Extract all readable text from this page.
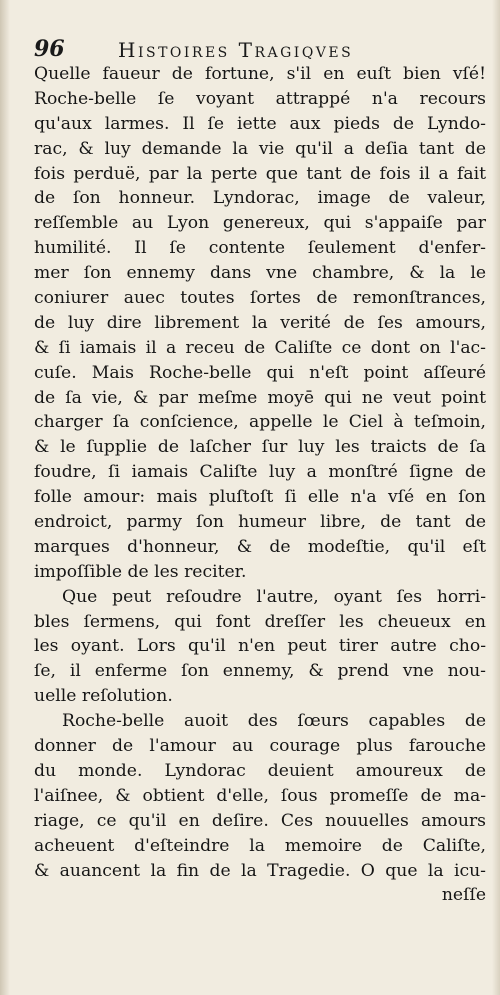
96	Histoires Tragiqves
Quelle faueur de fortune, s'il en euſt bien vſé!
Roche-belle ſe voyant attrappé n'a recours
qu'aux larmes. Il ſe iette aux pieds de Lyndo-
rac, & luy demande la vie qu'il a deſia tant de
fois perduë, par la perte que tant de fois il a fait
de ſon honneur. Lyndorac, image de valeur,
reſſemble au Lyon genereux, qui s'appaiſe par
humilité. Il ſe contente ſeulement d'enfer-
mer ſon ennemy dans vne chambre, & la le
coniurer auec toutes ſortes de remonſtrances,
de luy dire librement la verité de ſes amours,
& ſi iamais il a receu de Caliſte ce dont on l'ac-
cuſe. Mais Roche-belle qui n'eſt point aſſeuré
de ſa vie, & par meſme moyē qui ne veut point
charger ſa conſcience, appelle le Ciel à teſmoin,
& le ſupplie de laſcher ſur luy les traicts de ſa
foudre, ſi iamais Caliſte luy a monſtré ſigne de
folle amour: mais pluſtoſt ſi elle n'a vſé en ſon
endroict, parmy ſon humeur libre, de tant de
marques d'honneur, & de modeſtie, qu'il eſt
impoſſible de les reciter.
Que peut reſoudre l'autre, oyant ſes horri-
bles ſermens, qui font dreſſer les cheueux en
les oyant. Lors qu'il n'en peut tirer autre cho-
ſe, il enferme ſon ennemy, & prend vne nou-
uelle reſolution.
Roche-belle auoit des ſœurs capables de
donner de l'amour au courage plus farouche
du monde. Lyndorac deuient amoureux de
l'aiſnee, & obtient d'elle, ſous promeſſe de ma-
riage, ce qu'il en deſire. Ces nouuelles amours
acheuent d'eſteindre la memoire de Caliſte,
& auancent la fin de la Tragedie. O que la icu-
neſſe
